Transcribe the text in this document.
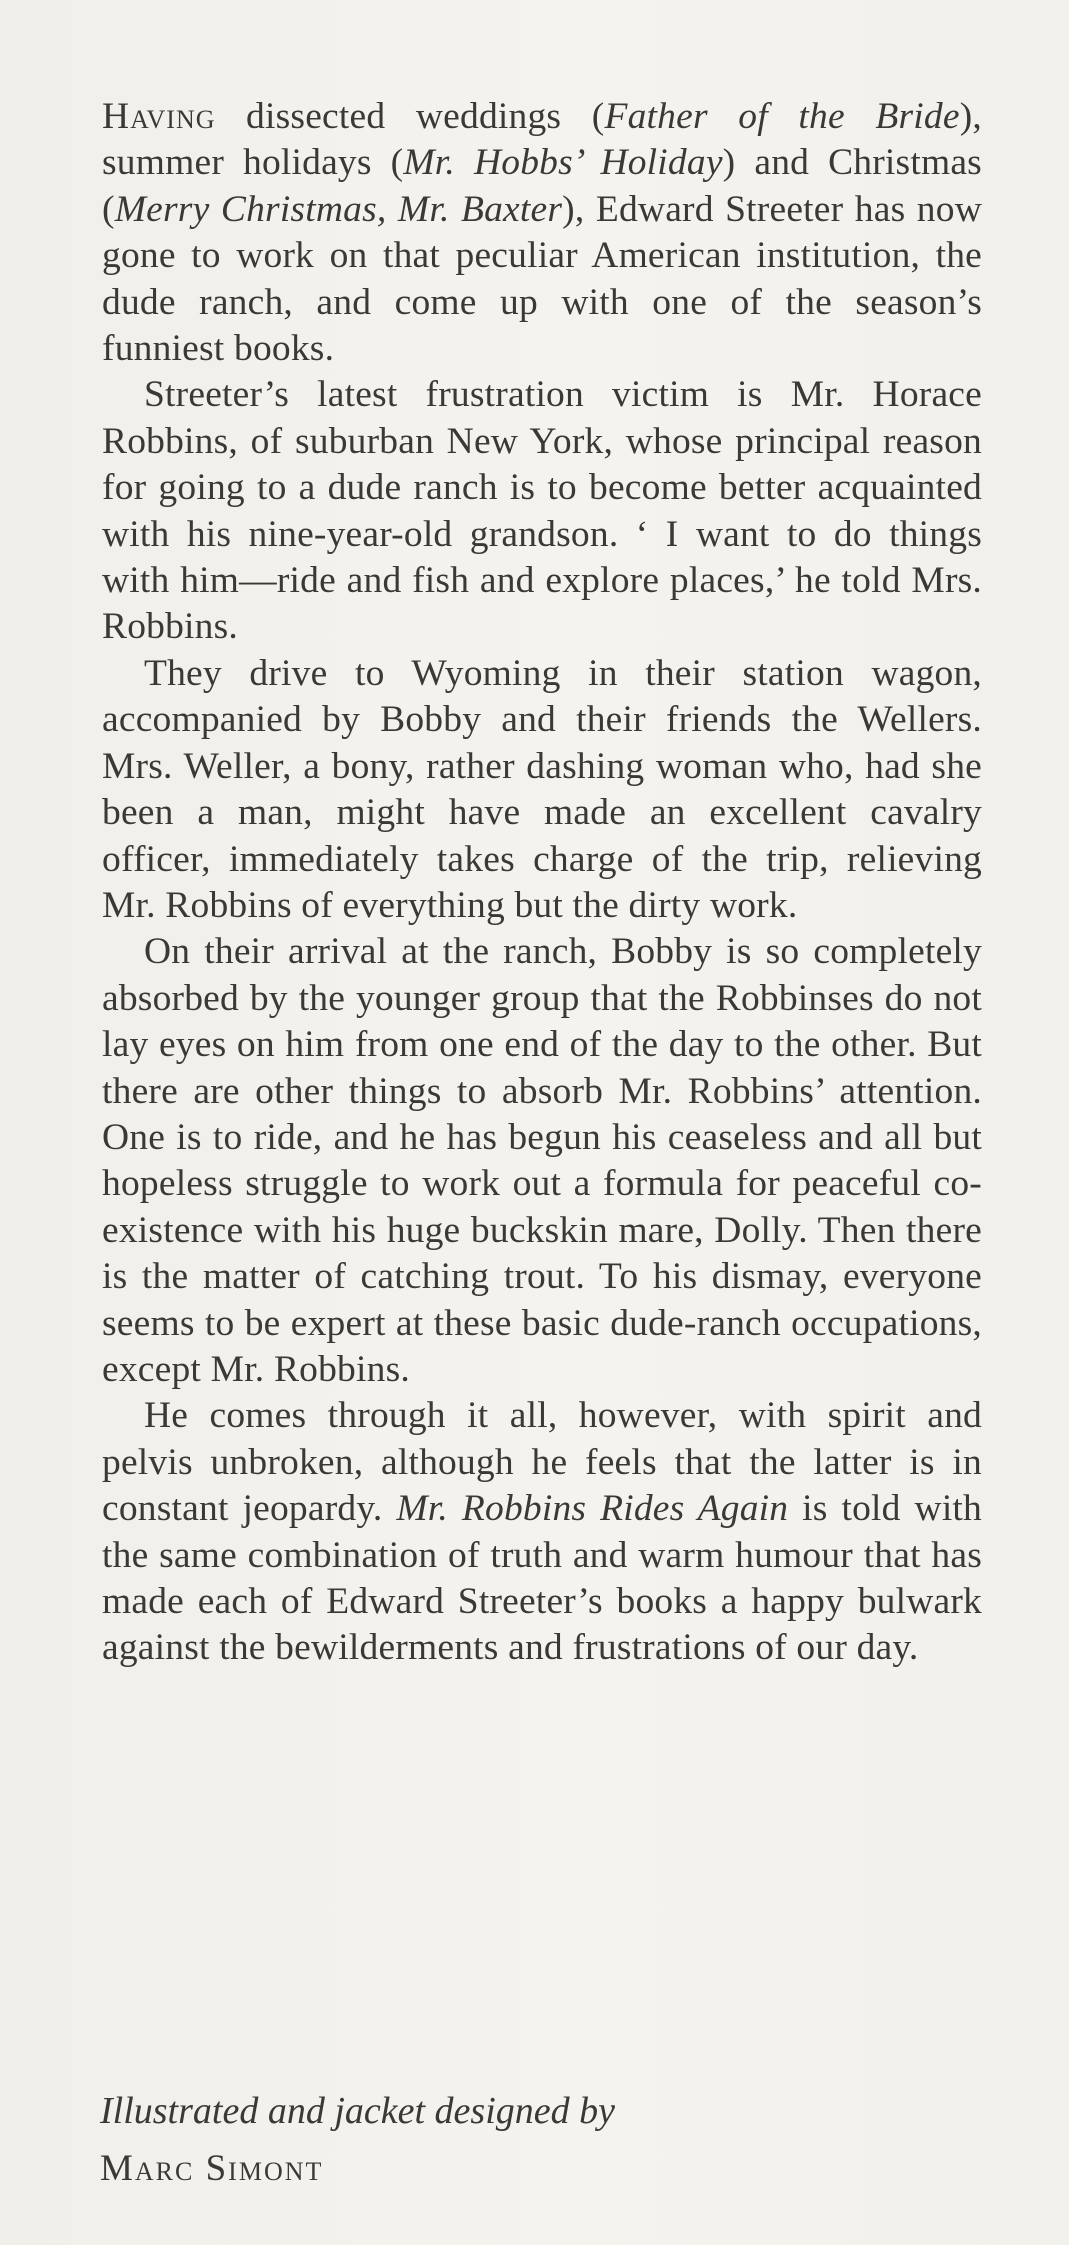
Having dissected weddings (Father of the Bride), summer holidays (Mr. Hobbs’ Holiday) and Christmas (Merry Christmas, Mr. Baxter), Edward Streeter has now gone to work on that peculiar American institution, the dude ranch, and come up with one of the season’s funniest books.

Streeter’s latest frustration victim is Mr. Horace Robbins, of suburban New York, whose principal reason for going to a dude ranch is to become better acquainted with his nine-year-old grandson. ‘ I want to do things with him—ride and fish and explore places,’ he told Mrs. Robbins.

They drive to Wyoming in their station wagon, accompanied by Bobby and their friends the Wellers. Mrs. Weller, a bony, rather dashing woman who, had she been a man, might have made an excellent cavalry officer, immediately takes charge of the trip, relieving Mr. Robbins of everything but the dirty work.

On their arrival at the ranch, Bobby is so completely absorbed by the younger group that the Robbinses do not lay eyes on him from one end of the day to the other. But there are other things to absorb Mr. Robbins’ attention. One is to ride, and he has begun his ceaseless and all but hopeless struggle to work out a formula for peaceful co-existence with his huge buckskin mare, Dolly. Then there is the matter of catching trout. To his dismay, everyone seems to be expert at these basic dude-ranch occupations, except Mr. Robbins.

He comes through it all, however, with spirit and pelvis unbroken, although he feels that the latter is in constant jeopardy. Mr. Robbins Rides Again is told with the same combination of truth and warm humour that has made each of Edward Streeter’s books a happy bulwark against the bewilderments and frustrations of our day.

Illustrated and jacket designed by

Marc Simont
